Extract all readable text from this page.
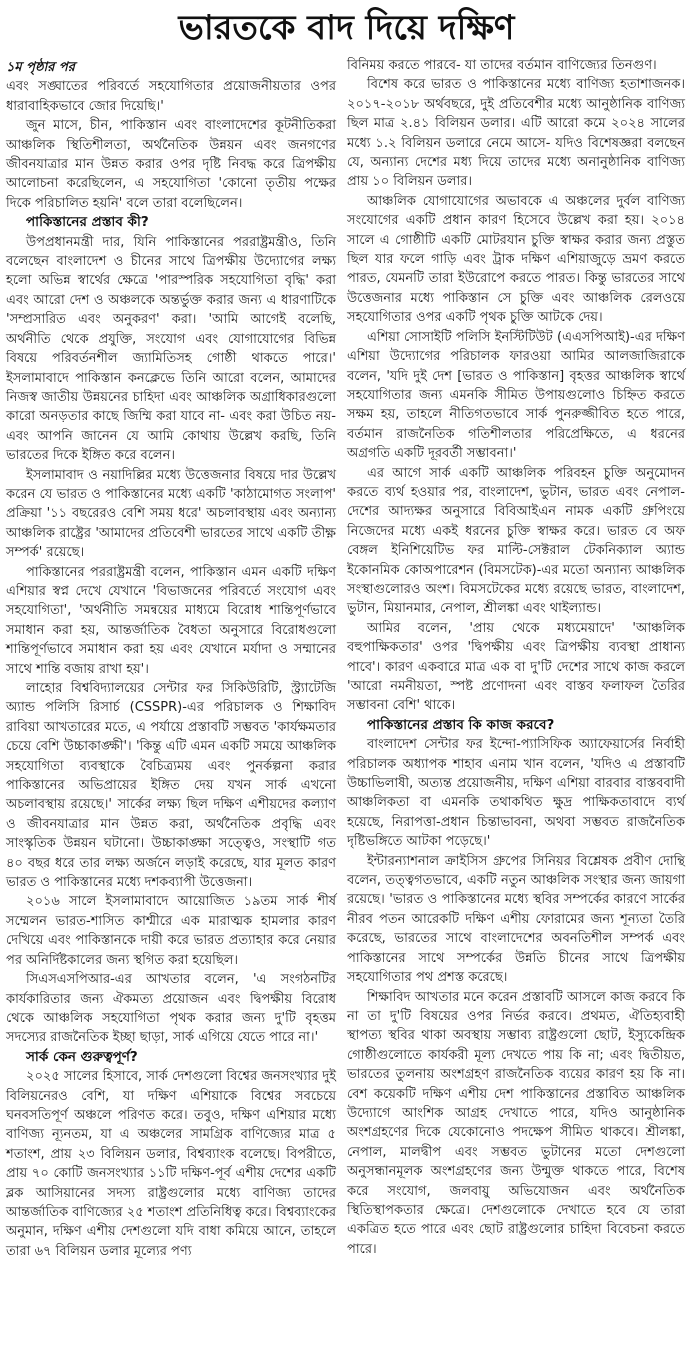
ভারতকে বাদ দিয়ে দক্ষিণ
১ম পৃষ্ঠার পর

এবং সঙ্ঘাতের পরিবর্তে সহযোগিতার প্রয়োজনীয়তার ওপর ধারাবাহিকভাবে জোর দিয়েছি।'

জুন মাসে, চীন, পাকিস্তান এবং বাংলাদেশের কূটনীতিকরা আঞ্চলিক স্থিতিশীলতা, অর্থনৈতিক উন্নয়ন এবং জনগণের জীবনযাত্রার মান উন্নত করার ওপর দৃষ্টি নিবদ্ধ করে ত্রিপক্ষীয় আলোচনা করেছিলেন, এ সহযোগিতা 'কোনো তৃতীয় পক্ষের দিকে পরিচালিত হয়নি' বলে তারা বলেছিলেন।

পাকিস্তানের প্রস্তাব কী?

উপপ্রধানমন্ত্রী দার, যিনি পাকিস্তানের পররাষ্ট্রমন্ত্রীও, তিনি বলেছেন বাংলাদেশ ও চীনের সাথে ত্রিপক্ষীয় উদ্যোগের লক্ষ্য হলো অভিন্ন স্বার্থের ক্ষেত্রে 'পারস্পরিক সহযোগিতা বৃদ্ধি' করা এবং আরো দেশ ও অঞ্চলকে অন্তর্ভুক্ত করার জন্য এ ধারণাটিকে 'সম্প্রসারিত এবং অনুকরণ' করা। 'আমি আগেই বলেছি, অর্থনীতি থেকে প্রযুক্তি, সংযোগ এবং যোগাযোগের বিভিন্ন বিষয়ে পরিবর্তনশীল জ্যামিতিসহ গোষ্ঠী থাকতে পারে।' ইসলামাবাদে পাকিস্তান কনক্লেভে তিনি আরো বলেন, আমাদের নিজস্ব জাতীয় উন্নয়নের চাহিদা এবং আঞ্চলিক অগ্রাধিকারগুলো কারো অনড়তার কাছে জিম্মি করা যাবে না- এবং করা উচিত নয়- এবং আপনি জানেন যে আমি কোথায় উল্লেখ করছি, তিনি ভারতের দিকে ইঙ্গিত করে বলেন।

ইসলামাবাদ ও নয়াদিল্লির মধ্যে উত্তেজনার বিষয়ে দার উল্লেখ করেন যে ভারত ও পাকিস্তানের মধ্যে একটি 'কাঠামোগত সংলাপ' প্রক্রিয়া '১১ বছরেরও বেশি সময় ধরে' অচলাবস্থায় এবং অন্যান্য আঞ্চলিক রাষ্ট্রের 'আমাদের প্রতিবেশী ভারতের সাথে একটি তীক্ষ্ণ সম্পর্ক' রয়েছে।

পাকিস্তানের পররাষ্ট্রমন্ত্রী বলেন, পাকিস্তান এমন একটি দক্ষিণ এশিয়ার স্বপ্ন দেখে যেখানে 'বিভাজনের পরিবর্তে সংযোগ এবং সহযোগিতা', 'অর্থনীতি সমন্বয়ের মাধ্যমে বিরোধ শান্তিপূর্ণভাবে সমাধান করা হয়, আন্তর্জাতিক বৈধতা অনুসারে বিরোধগুলো শান্তিপূর্ণভাবে সমাধান করা হয় এবং যেখানে মর্যাদা ও সম্মানের সাথে শান্তি বজায় রাখা হয়'।

লাহোর বিশ্ববিদ্যালয়ের সেন্টার ফর সিকিউরিটি, স্ট্র্যাটেজি অ্যান্ড পলিসি রিসার্চ (CSSPR)-এর পরিচালক ও শিক্ষাবিদ রাবিয়া আখতারের মতে, এ পর্যায়ে প্রস্তাবটি সম্ভবত 'কার্যক্ষমতার চেয়ে বেশি উচ্চাকাঙ্ক্ষী'। 'কিন্তু এটি এমন একটি সময়ে আঞ্চলিক সহযোগিতা ব্যবস্থাকে বৈচিত্র্যময় এবং পুনর্কল্পনা করার পাকিস্তানের অভিপ্রায়ের ইঙ্গিত দেয় যখন সার্ক এখনো অচলাবস্থায় রয়েছে।' সার্কের লক্ষ্য ছিল দক্ষিণ এশীয়দের কল্যাণ ও জীবনযাত্রার মান উন্নত করা, অর্থনৈতিক প্রবৃদ্ধি এবং সাংস্কৃতিক উন্নয়ন ঘটানো। উচ্চাকাঙ্ক্ষা সত্ত্বেও, সংস্থাটি গত ৪০ বছর ধরে তার লক্ষ্য অর্জনে লড়াই করেছে, যার মূলত কারণ ভারত ও পাকিস্তানের মধ্যে দশকব্যাপী উত্তেজনা।

২০১৬ সালে ইসলামাবাদে আয়োজিত ১৯তম সার্ক শীর্ষ সম্মেলন ভারত-শাসিত কাশ্মীরে এক মারাত্মক হামলার কারণ দেখিয়ে এবং পাকিস্তানকে দায়ী করে ভারত প্রত্যাহার করে নেয়ার পর অনির্দিষ্টকালের জন্য স্থগিত করা হয়েছিল।

সিএসএসপিআর-এর আখতার বলেন, 'এ সংগঠনটির কার্যকারিতার জন্য ঐকমত্য প্রয়োজন এবং দ্বিপক্ষীয় বিরোধ থেকে আঞ্চলিক সহযোগিতা পৃথক করার জন্য দু'টি বৃহত্তম সদস্যের রাজনৈতিক ইচ্ছা ছাড়া, সার্ক এগিয়ে যেতে পারে না।'

সার্ক কেন গুরুত্বপূর্ণ?

২০২৫ সালের হিসাবে, সার্ক দেশগুলো বিশ্বের জনসংখ্যার দুই বিলিয়নেরও বেশি, যা দক্ষিণ এশিয়াকে বিশ্বের সবচেয়ে ঘনবসতিপূর্ণ অঞ্চলে পরিণত করে। তবুও, দক্ষিণ এশিয়ার মধ্যে বাণিজ্য ন্যূনতম, যা এ অঞ্চলের সামগ্রিক বাণিজ্যের মাত্র ৫ শতাংশ, প্রায় ২৩ বিলিয়ন ডলার, বিশ্বব্যাংক বলেছে। বিপরীতে, প্রায় ৭০ কোটি জনসংখ্যার ১১টি দক্ষিণ-পূর্ব এশীয় দেশের একটি ব্লক আসিয়ানের সদস্য রাষ্ট্রগুলোর মধ্যে বাণিজ্য তাদের আন্তর্জাতিক বাণিজ্যের ২৫ শতাংশ প্রতিনিধিত্ব করে। বিশ্বব্যাংকের অনুমান, দক্ষিণ এশীয় দেশগুলো যদি বাধা কমিয়ে আনে, তাহলে তারা ৬৭ বিলিয়ন ডলার মূল্যের পণ্য

বিনিময় করতে পারবে- যা তাদের বর্তমান বাণিজ্যের তিনগুণ।

বিশেষ করে ভারত ও পাকিস্তানের মধ্যে বাণিজ্য হতাশাজনক। ২০১৭-২০১৮ অর্থবছরে, দুই প্রতিবেশীর মধ্যে আনুষ্ঠানিক বাণিজ্য ছিল মাত্র ২.৪১ বিলিয়ন ডলার। এটি আরো কমে ২০২৪ সালের মধ্যে ১.২ বিলিয়ন ডলারে নেমে আসে- যদিও বিশেষজ্ঞরা বলছেন যে, অন্যান্য দেশের মধ্য দিয়ে তাদের মধ্যে অনানুষ্ঠানিক বাণিজ্য প্রায় ১০ বিলিয়ন ডলার।

আঞ্চলিক যোগাযোগের অভাবকে এ অঞ্চলের দুর্বল বাণিজ্য সংযোগের একটি প্রধান কারণ হিসেবে উল্লেখ করা হয়। ২০১৪ সালে এ গোষ্ঠীটি একটি মোটরযান চুক্তি স্বাক্ষর করার জন্য প্রস্তুত ছিল যার ফলে গাড়ি এবং ট্রাক দক্ষিণ এশিয়াজুড়ে ভ্রমণ করতে পারত, যেমনটি তারা ইউরোপে করতে পারত। কিন্তু ভারতের সাথে উত্তেজনার মধ্যে পাকিস্তান সে চুক্তি এবং আঞ্চলিক রেলওয়ে সহযোগিতার ওপর একটি পৃথক চুক্তি আটকে দেয়।

এশিয়া সোসাইটি পলিসি ইনস্টিটিউট (এএসপিআই)-এর দক্ষিণ এশিয়া উদ্যোগের পরিচালক ফারওয়া আমির আলজাজিরাকে বলেন, 'যদি দুই দেশ [ভারত ও পাকিস্তান] বৃহত্তর আঞ্চলিক স্বার্থে সহযোগিতার জন্য এমনকি সীমিত উপায়গুলোও চিহ্নিত করতে সক্ষম হয়, তাহলে নীতিগতভাবে সার্ক পুনরুজ্জীবিত হতে পারে, বর্তমান রাজনৈতিক গতিশীলতার পরিপ্রেক্ষিতে, এ ধরনের অগ্রগতি একটি দূরবর্তী সম্ভাবনা।'

এর আগে সার্ক একটি আঞ্চলিক পরিবহন চুক্তি অনুমোদন করতে ব্যর্থ হওয়ার পর, বাংলাদেশ, ভুটান, ভারত এবং নেপাল- দেশের আদ্যক্ষর অনুসারে বিবিআইএন নামক একটি গ্রুপিংয়ে নিজেদের মধ্যে একই ধরনের চুক্তি স্বাক্ষর করে। ভারত বে অফ বেঙ্গল ইনিশিয়েটিভ ফর মাল্টি-সেক্টরাল টেকনিক্যাল অ্যান্ড ইকোনমিক কোঅপারেশন (বিমসটেক)-এর মতো অন্যান্য আঞ্চলিক সংস্থাগুলোরও অংশ। বিমসটেকের মধ্যে রয়েছে ভারত, বাংলাদেশ, ভুটান, মিয়ানমার, নেপাল, শ্রীলঙ্কা এবং থাইল্যান্ড।

আমির বলেন, 'প্রায় থেকে মধ্যমেয়াদে' 'আঞ্চলিক বহুপাক্ষিকতার' ওপর 'দ্বিপক্ষীয় এবং ত্রিপক্ষীয় ব্যবস্থা প্রাধান্য পাবে'। কারণ একবারে মাত্র এক বা দু'টি দেশের সাথে কাজ করলে 'আরো নমনীয়তা, স্পষ্ট প্রণোদনা এবং বাস্তব ফলাফল তৈরির সম্ভাবনা বেশি' থাকে।

পাকিস্তানের প্রস্তাব কি কাজ করবে?

বাংলাদেশ সেন্টার ফর ইন্দো-প্যাসিফিক অ্যাফেয়ার্সের নির্বাহী পরিচালক অধ্যাপক শাহাব এনাম খান বলেন, 'যদিও এ প্রস্তাবটি উচ্চাভিলাষী, অত্যন্ত প্রয়োজনীয়, দক্ষিণ এশিয়া বারবার বাস্তববাদী আঞ্চলিকতা বা এমনকি তথাকথিত ক্ষুদ্র পাক্ষিকতাবাদে ব্যর্থ হয়েছে, নিরাপত্তা-প্রধান চিন্তাভাবনা, অথবা সম্ভবত রাজনৈতিক দৃষ্টিভঙ্গিতে আটকা পড়েছে।'

ইন্টারন্যাশনাল ক্রাইসিস গ্রুপের সিনিয়র বিশ্লেষক প্রবীণ দোন্থি বলেন, তত্ত্বগতভাবে, একটি নতুন আঞ্চলিক সংস্থার জন্য জায়গা রয়েছে। 'ভারত ও পাকিস্তানের মধ্যে স্থবির সম্পর্কের কারণে সার্কের নীরব পতন আরেকটি দক্ষিণ এশীয় ফোরামের জন্য শূন্যতা তৈরি করেছে, ভারতের সাথে বাংলাদেশের অবনতিশীল সম্পর্ক এবং পাকিস্তানের সাথে সম্পর্কের উন্নতি চীনের সাথে ত্রিপক্ষীয় সহযোগিতার পথ প্রশস্ত করেছে।

শিক্ষাবিদ আখতার মনে করেন প্রস্তাবটি আসলে কাজ করবে কি না তা দু'টি বিষয়ের ওপর নির্ভর করবে। প্রথমত, ঐতিহ্যবাহী স্থাপত্য স্থবির থাকা অবস্থায় সম্ভাব্য রাষ্ট্রগুলো ছোট, ইস্যুকেন্দ্রিক গোষ্ঠীগুলোতে কার্যকরী মূল্য দেখতে পায় কি না; এবং দ্বিতীয়ত, ভারতের তুলনায় অংশগ্রহণ রাজনৈতিক ব্যয়ের কারণ হয় কি না। বেশ কয়েকটি দক্ষিণ এশীয় দেশ পাকিস্তানের প্রস্তাবিত আঞ্চলিক উদ্যোগে আংশিক আগ্রহ দেখাতে পারে, যদিও আনুষ্ঠানিক অংশগ্রহণের দিকে যেকোনোও পদক্ষেপ সীমিত থাকবে। শ্রীলঙ্কা, নেপাল, মালদ্বীপ এবং সম্ভবত ভুটানের মতো দেশগুলো অনুসন্ধানমূলক অংশগ্রহণের জন্য উন্মুক্ত থাকতে পারে, বিশেষ করে সংযোগ, জলবায়ু অভিযোজন এবং অর্থনৈতিক স্থিতিস্থাপকতার ক্ষেত্রে। দেশগুলোকে দেখাতে হবে যে তারা একত্রিত হতে পারে এবং ছোট রাষ্ট্রগুলোর চাহিদা বিবেচনা করতে পারে।
